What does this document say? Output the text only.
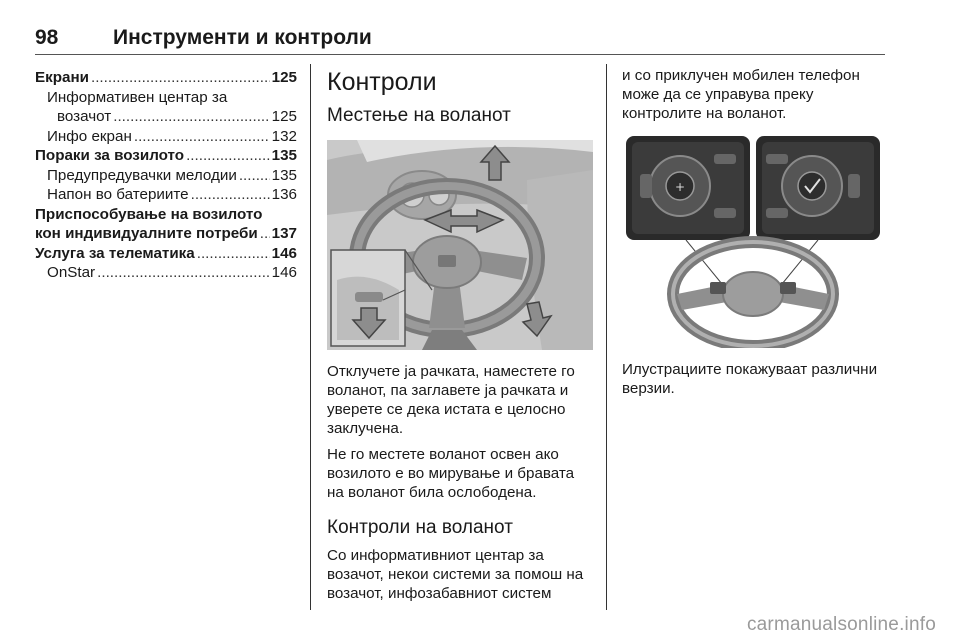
98	Инструменти и контроли
Екрани .....	125
Информативен центар за
возачот .....	125
Инфо екран .....	132
Пораки за возилото .....	135
Предупредувачки мелодии ..... 135
Напон во батериите .....	136
Приспособување на возилото
кон индивидуалните потреби ..... 137
Услуга за телематика .....	146
OnStar .....	146
Контроли
Местење на воланот
Отклучете ја рачката, наместете го воланот, па заглавете ја рачката и уверете се дека истата е целосно заклучена.
Не го местете воланот освен ако возилото е во мирување и бравата на воланот била ослободена.
Контроли на воланот
Со информативниот центар за возачот, некои системи за помош на возачот, инфозабавниот систем
и со приклучен мобилен телефон може да се управува преку контролите на воланот.
+
Илустрациите покажуваат различни верзии.
carmanualsonline.info
